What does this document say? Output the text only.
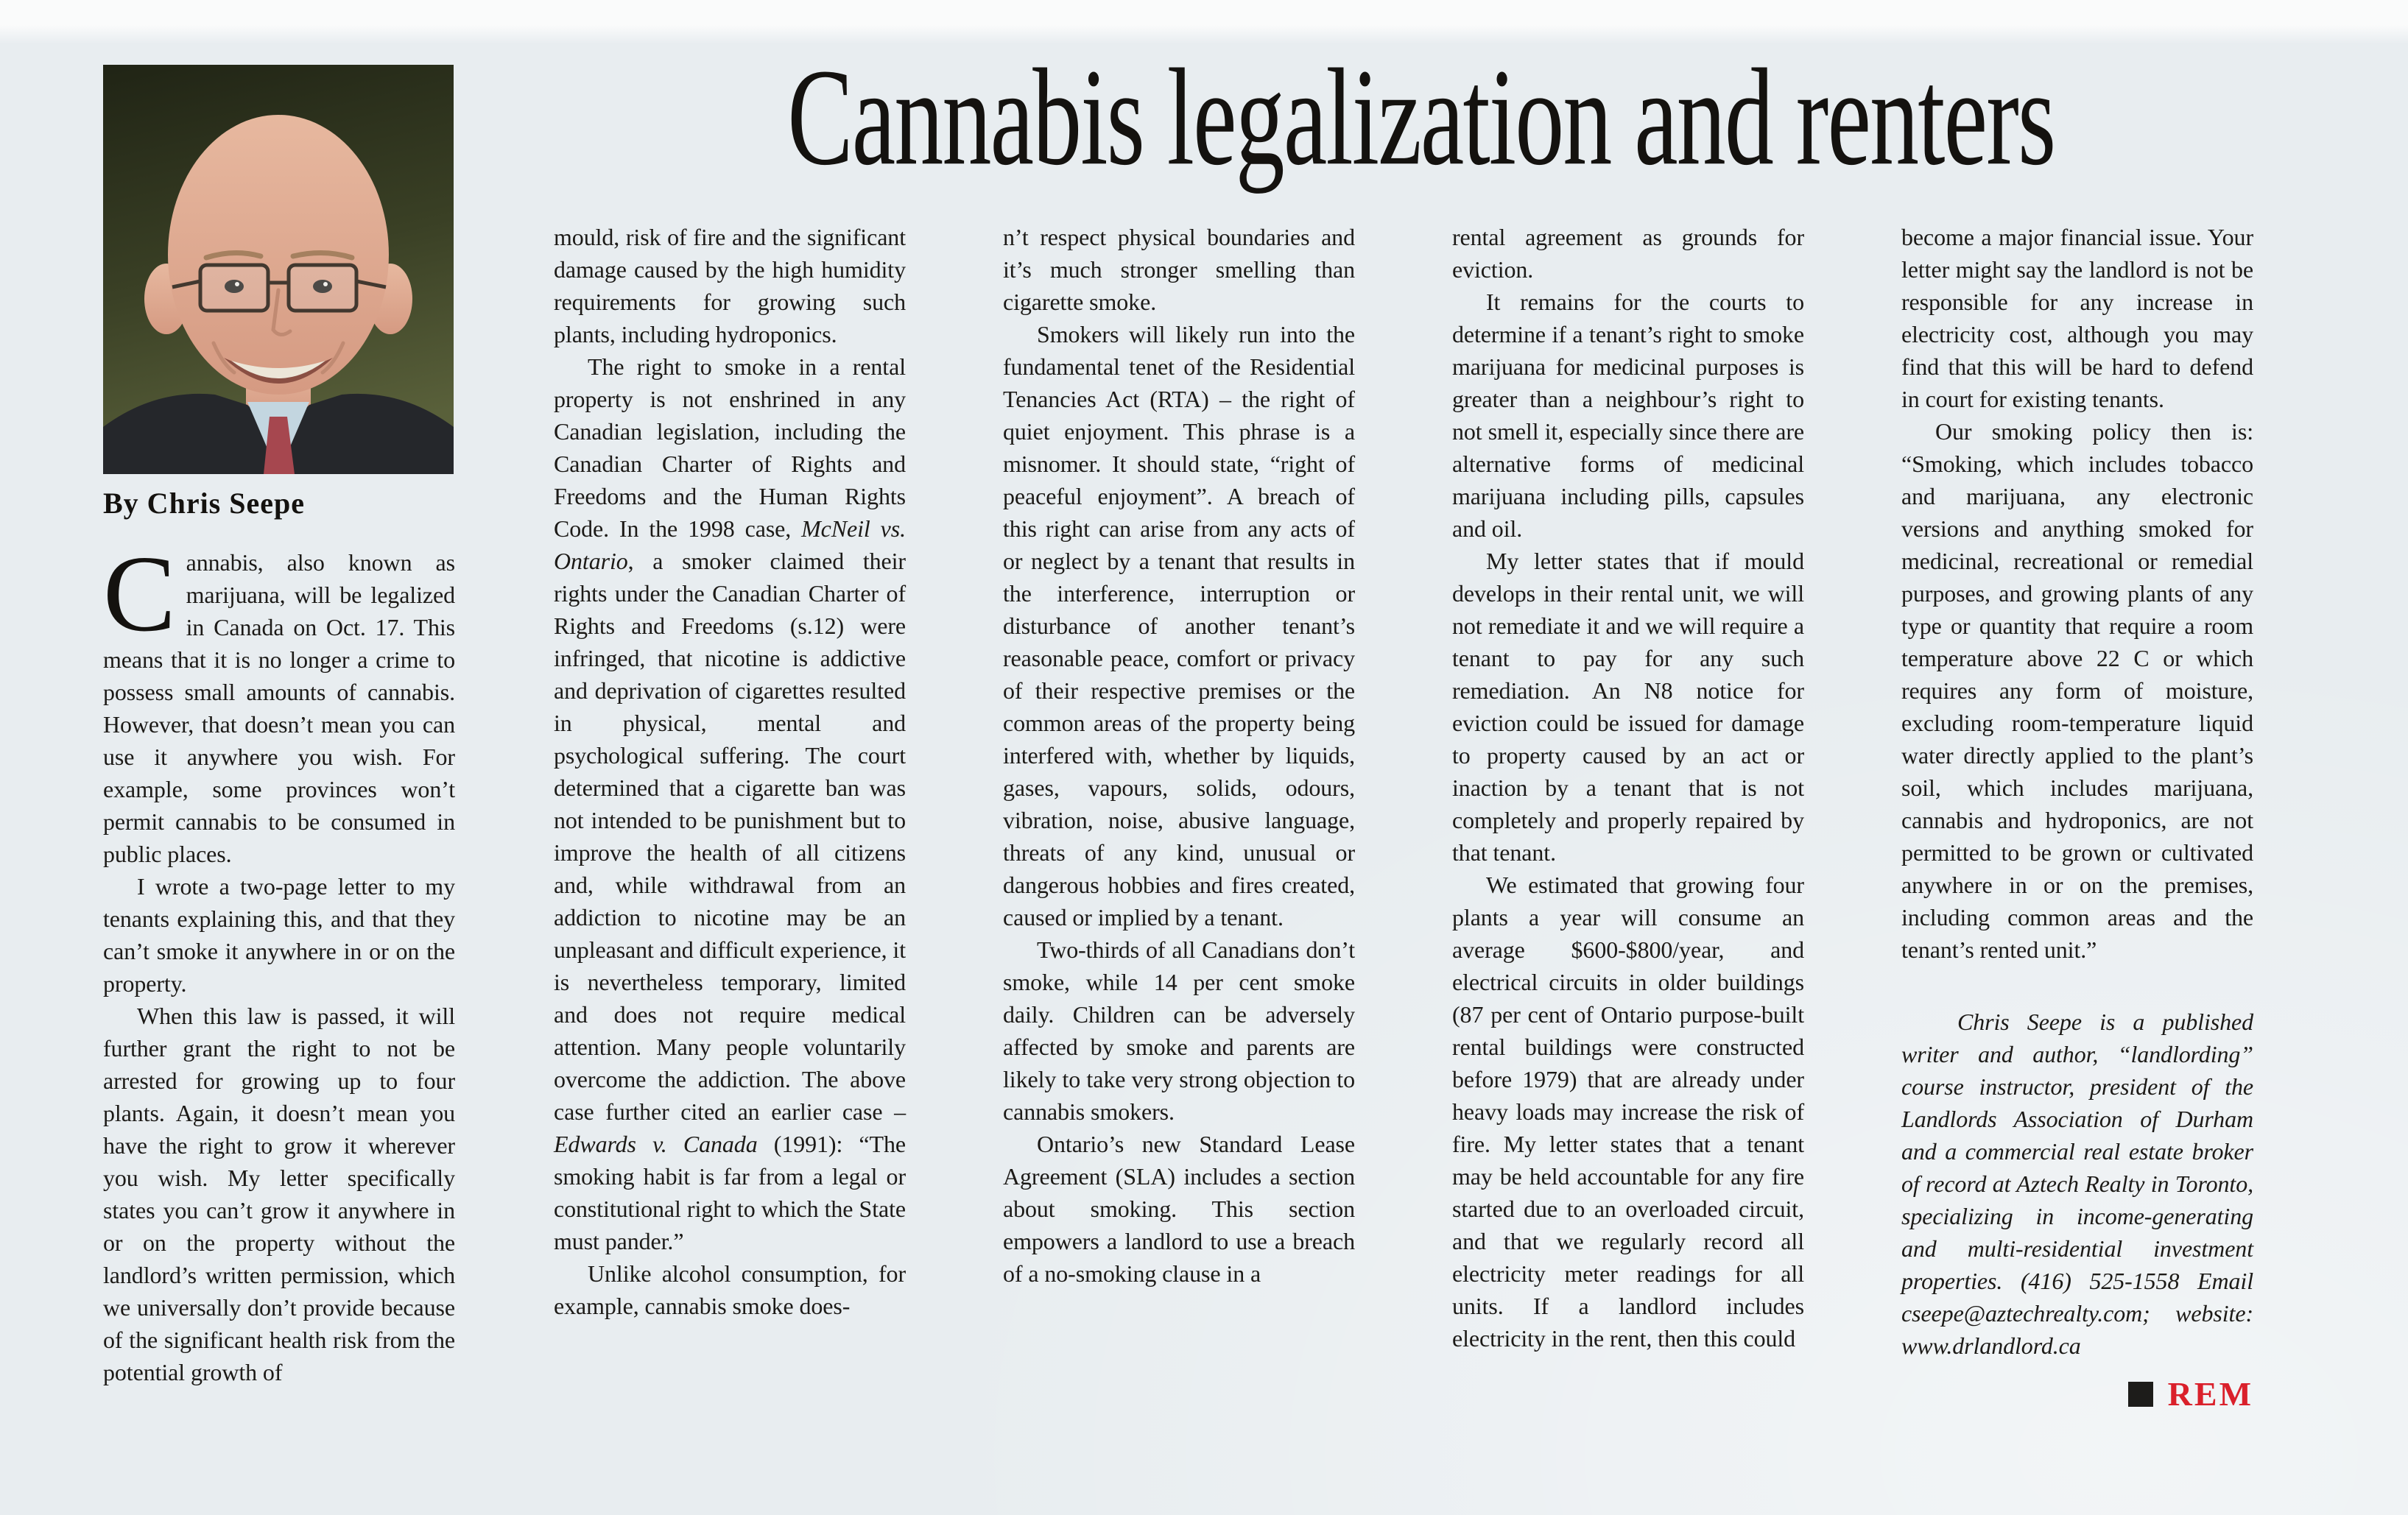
Cannabis legalization and renters
By Chris Seepe

Cannabis, also known as marijuana, will be legalized in Canada on Oct. 17. This means that it is no longer a crime to possess small amounts of cannabis. However, that doesn’t mean you can use it anywhere you wish. For example, some provinces won’t permit cannabis to be consumed in public places.

I wrote a two-page letter to my tenants explaining this, and that they can’t smoke it anywhere in or on the property.

When this law is passed, it will further grant the right to not be arrested for growing up to four plants. Again, it doesn’t mean you have the right to grow it wherever you wish. My letter specifically states you can’t grow it anywhere in or on the property without the landlord’s written permission, which we universally don’t provide because of the significant health risk from the potential growth of

mould, risk of fire and the significant damage caused by the high humidity requirements for growing such plants, including hydroponics.

The right to smoke in a rental property is not enshrined in any Canadian legislation, including the Canadian Charter of Rights and Freedoms and the Human Rights Code. In the 1998 case, McNeil vs. Ontario, a smoker claimed their rights under the Canadian Charter of Rights and Freedoms (s.12) were infringed, that nicotine is addictive and deprivation of cigarettes resulted in physical, mental and psychological suffering. The court determined that a cigarette ban was not intended to be punishment but to improve the health of all citizens and, while withdrawal from an addiction to nicotine may be an unpleasant and difficult experience, it is nevertheless temporary, limited and does not require medical attention. Many people voluntarily overcome the addiction. The above case further cited an earlier case – Edwards v. Canada (1991): “The smoking habit is far from a legal or constitutional right to which the State must pander.”

Unlike alcohol consumption, for example, cannabis smoke does-

n’t respect physical boundaries and it’s much stronger smelling than cigarette smoke.

Smokers will likely run into the fundamental tenet of the Residential Tenancies Act (RTA) – the right of quiet enjoyment. This phrase is a misnomer. It should state, “right of peaceful enjoyment”. A breach of this right can arise from any acts of or neglect by a tenant that results in the interference, interruption or disturbance of another tenant’s reasonable peace, comfort or privacy of their respective premises or the common areas of the property being interfered with, whether by liquids, gases, vapours, solids, odours, vibration, noise, abusive language, threats of any kind, unusual or dangerous hobbies and fires created, caused or implied by a tenant.

Two-thirds of all Canadians don’t smoke, while 14 per cent smoke daily. Children can be adversely affected by smoke and parents are likely to take very strong objection to cannabis smokers.

Ontario’s new Standard Lease Agreement (SLA) includes a section about smoking. This section empowers a landlord to use a breach of a no-smoking clause in a

rental agreement as grounds for eviction.

It remains for the courts to determine if a tenant’s right to smoke marijuana for medicinal purposes is greater than a neighbour’s right to not smell it, especially since there are alternative forms of medicinal marijuana including pills, capsules and oil.

My letter states that if mould develops in their rental unit, we will not remediate it and we will require a tenant to pay for any such remediation. An N8 notice for eviction could be issued for damage to property caused by an act or inaction by a tenant that is not completely and properly repaired by that tenant.

We estimated that growing four plants a year will consume an average $600-$800/year, and electrical circuits in older buildings (87 per cent of Ontario purpose-built rental buildings were constructed before 1979) that are already under heavy loads may increase the risk of fire. My letter states that a tenant may be held accountable for any fire started due to an overloaded circuit, and that we regularly record all electricity meter readings for all units. If a landlord includes electricity in the rent, then this could

become a major financial issue. Your letter might say the landlord is not be responsible for any increase in electricity cost, although you may find that this will be hard to defend in court for existing tenants.

Our smoking policy then is: “Smoking, which includes tobacco and marijuana, any electronic versions and anything smoked for medicinal, recreational or remedial purposes, and growing plants of any type or quantity that require a room temperature above 22 C or which requires any form of moisture, excluding room-temperature liquid water directly applied to the plant’s soil, which includes marijuana, cannabis and hydroponics, are not permitted to be grown or cultivated anywhere in or on the premises, including common areas and the tenant’s rented unit.”

Chris Seepe is a published writer and author, “landlording” course instructor, president of the Landlords Association of Durham and a commercial real estate broker of record at Aztech Realty in Toronto, specializing in income-generating and multi-residential investment properties. (416) 525-1558 Email cseepe@aztechrealty.com; website: www.drlandlord.ca

REM
